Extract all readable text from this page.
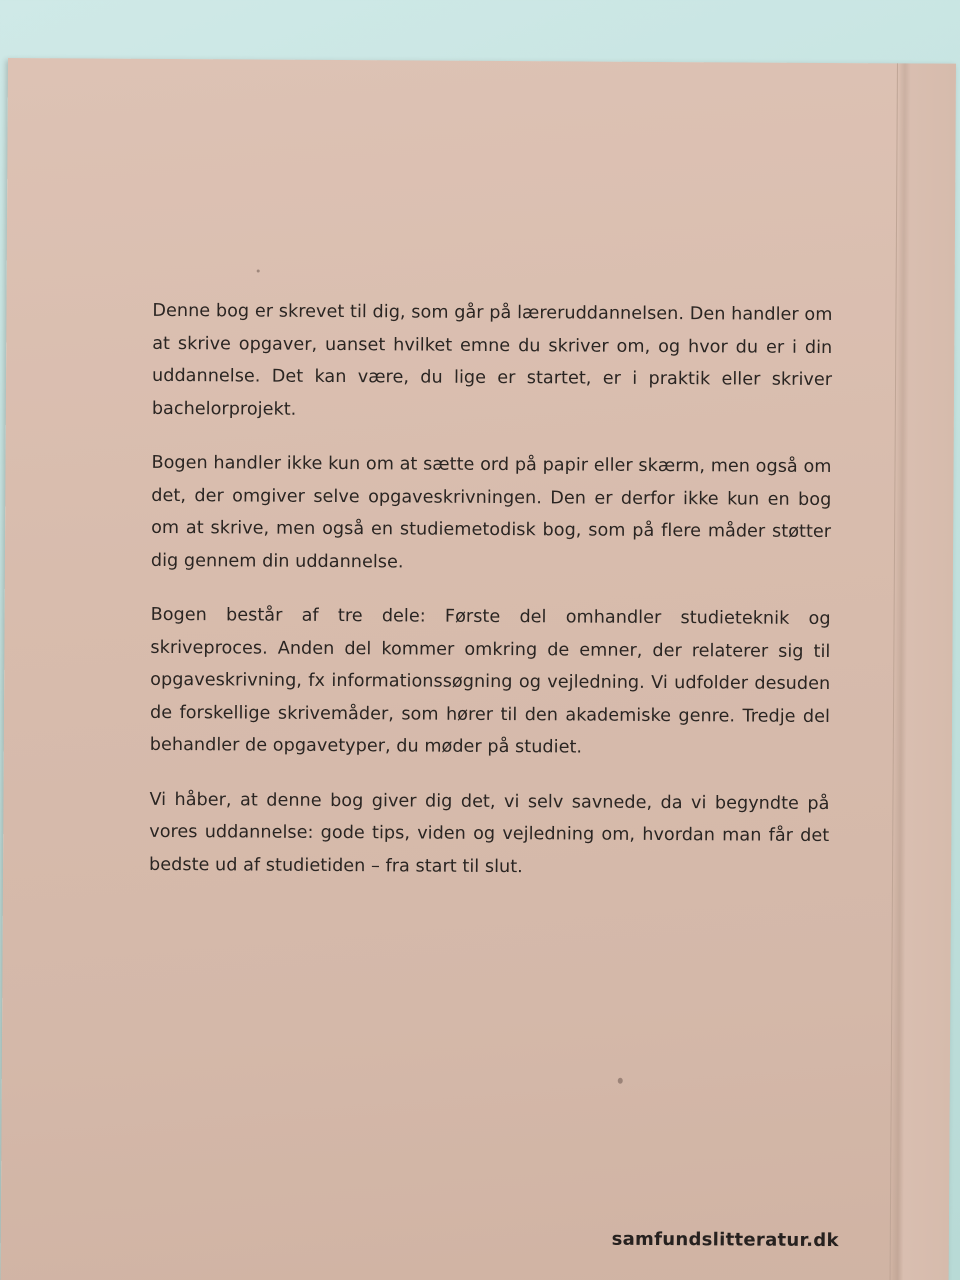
Denne bog er skrevet til dig, som går på læreruddannelsen. Den handler om at skrive opgaver, uanset hvilket emne du skriver om, og hvor du er i din uddannelse. Det kan være, du lige er startet, er i praktik eller skriver bachelorprojekt.

Bogen handler ikke kun om at sætte ord på papir eller skærm, men også om det, der omgiver selve opgaveskrivningen. Den er derfor ikke kun en bog om at skrive, men også en studiemetodisk bog, som på flere måder støtter dig gennem din uddannelse.

Bogen består af tre dele: Første del omhandler studieteknik og skriveproces. Anden del kommer omkring de emner, der relaterer sig til opgaveskrivning, fx informationssøgning og vejledning. Vi udfolder desuden de forskellige skrivemåder, som hører til den akademiske genre. Tredje del behandler de opgavetyper, du møder på studiet.

Vi håber, at denne bog giver dig det, vi selv savnede, da vi begyndte på vores uddannelse: gode tips, viden og vejledning om, hvordan man får det bedste ud af studietiden – fra start til slut.

samfundslitteratur.dk
